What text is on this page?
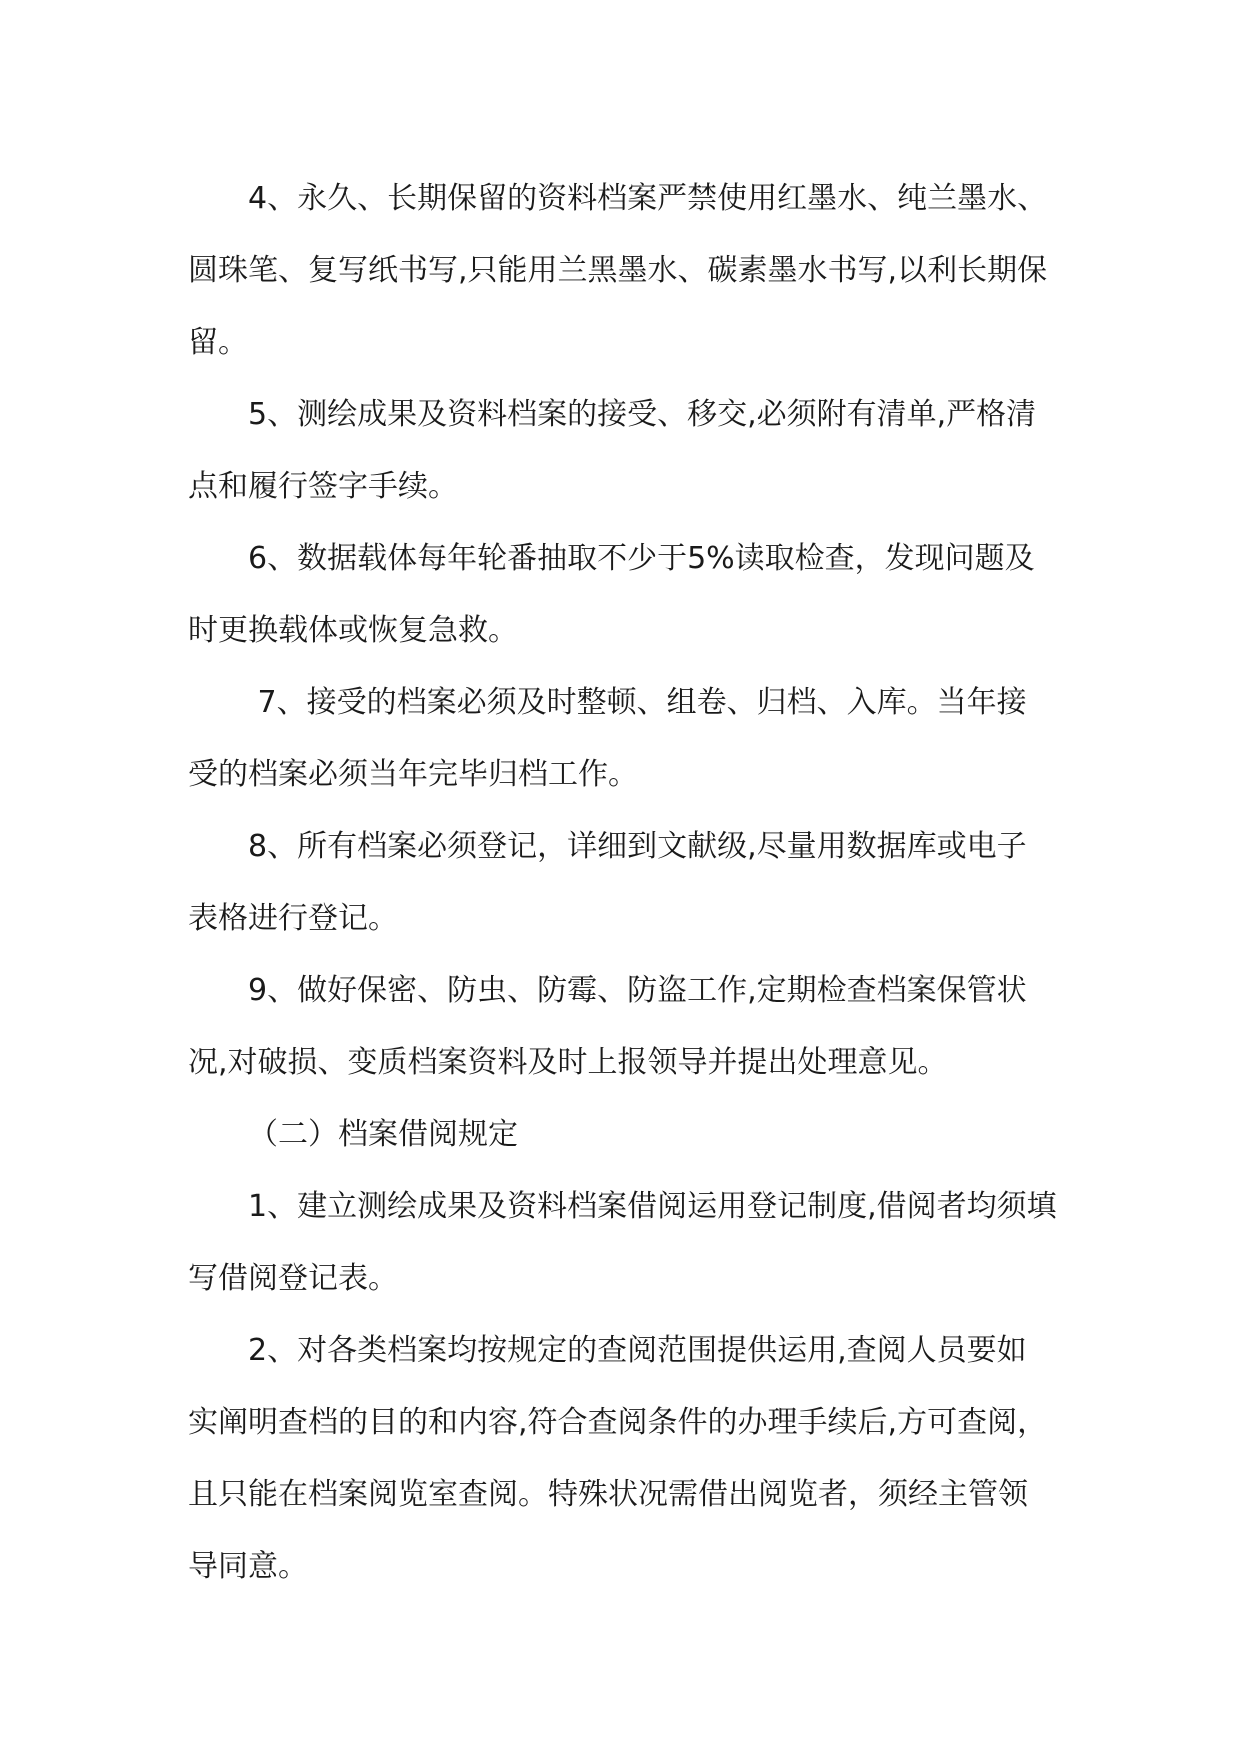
4、永久、长期保留的资料档案严禁使用红墨水、纯兰墨水、
圆珠笔、复写纸书写,只能用兰黑墨水、碳素墨水书写,以利长期保
留。
5、测绘成果及资料档案的接受、移交,必须附有清单,严格清
点和履行签字手续。
6、数据载体每年轮番抽取不少于5%读取检查，发现问题及
时更换载体或恢复急救。
7、接受的档案必须及时整顿、组卷、归档、入库。当年接
受的档案必须当年完毕归档工作。
8、所有档案必须登记，详细到文献级,尽量用数据库或电子
表格进行登记。
9、做好保密、防虫、防霉、防盗工作,定期检查档案保管状
况,对破损、变质档案资料及时上报领导并提出处理意见。
（二）档案借阅规定
1、建立测绘成果及资料档案借阅运用登记制度,借阅者均须填
写借阅登记表。
2、对各类档案均按规定的查阅范围提供运用,查阅人员要如
实阐明查档的目的和内容,符合查阅条件的办理手续后,方可查阅，
且只能在档案阅览室查阅。特殊状况需借出阅览者，须经主管领
导同意。
